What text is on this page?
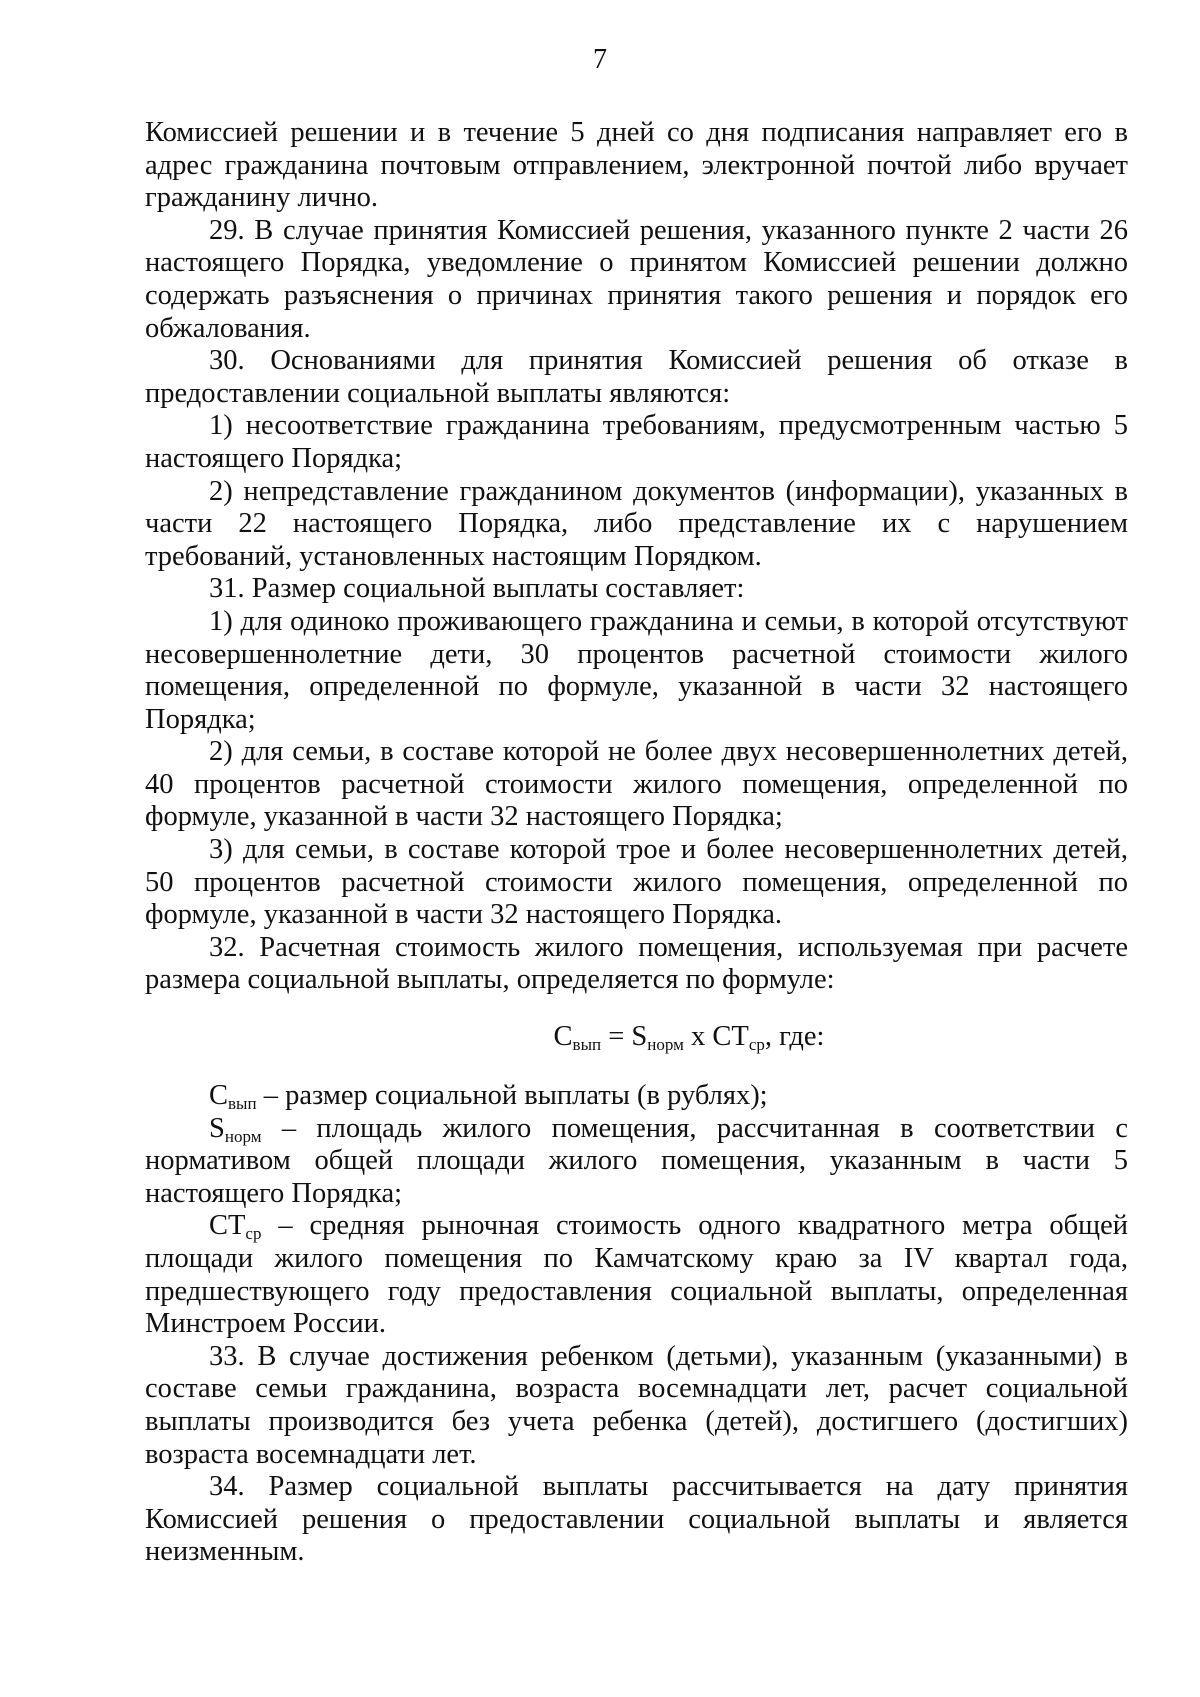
7

Комиссией решении и в течение 5 дней со дня подписания направляет его в адрес гражданина почтовым отправлением, электронной почтой либо вручает гражданину лично.

29. В случае принятия Комиссией решения, указанного пункте 2 части 26 настоящего Порядка, уведомление о принятом Комиссией решении должно содержать разъяснения о причинах принятия такого решения и порядок его обжалования.

30. Основаниями для принятия Комиссией решения об отказе в предоставлении социальной выплаты являются:

1) несоответствие гражданина требованиям, предусмотренным частью 5 настоящего Порядка;

2) непредставление гражданином документов (информации), указанных в части 22 настоящего Порядка, либо представление их с нарушением требований, установленных настоящим Порядком.

31. Размер социальной выплаты составляет:

1) для одиноко проживающего гражданина и семьи, в которой отсутствуют несовершеннолетние дети, 30 процентов расчетной стоимости жилого помещения, определенной по формуле, указанной в части 32 настоящего Порядка;

2) для семьи, в составе которой не более двух несовершеннолетних детей, 40 процентов расчетной стоимости жилого помещения, определенной по формуле, указанной в части 32 настоящего Порядка;

3) для семьи, в составе которой трое и более несовершеннолетних детей, 50 процентов расчетной стоимости жилого помещения, определенной по формуле, указанной в части 32 настоящего Порядка.

32. Расчетная стоимость жилого помещения, используемая при расчете размера социальной выплаты, определяется по формуле:

$С_{вып} = S_{норм}$ х $СТ_{ср}$, где:

$С_{вып}$ – размер социальной выплаты (в рублях);

$S_{норм}$ – площадь жилого помещения, рассчитанная в соответствии с нормативом общей площади жилого помещения, указанным в части 5 настоящего Порядка;

$СТ_{ср}$ – средняя рыночная стоимость одного квадратного метра общей площади жилого помещения по Камчатскому краю за IV квартал года, предшествующего году предоставления социальной выплаты, определенная Минстроем России.

33. В случае достижения ребенком (детьми), указанным (указанными) в составе семьи гражданина, возраста восемнадцати лет, расчет социальной выплаты производится без учета ребенка (детей), достигшего (достигших) возраста восемнадцати лет.

34. Размер социальной выплаты рассчитывается на дату принятия Комиссией решения о предоставлении социальной выплаты и является неизменным.
